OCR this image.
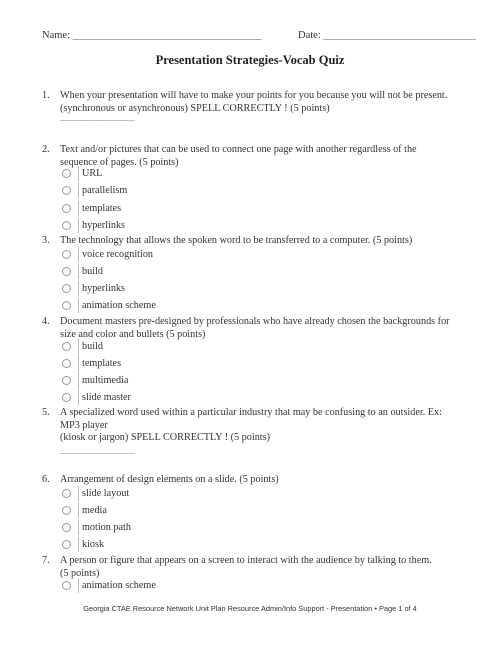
Name: ____________________________________	Date: _____________________________
Presentation Strategies-Vocab Quiz
1. When your presentation will have to make your points for you because you will not be present.
(synchronous or asynchronous) SPELL CORRECTLY ! (5 points)
_______________
2. Text and/or pictures that can be used to connect one page with another regardless of the sequence of pages. (5 points)
URL
parallelism
templates
hyperlinks
3. The technology that allows the spoken word to be transferred to a computer. (5 points)
voice recognition
build
hyperlinks
animation scheme
4. Document masters pre-designed by professionals who have already chosen the backgrounds for size and color and bullets (5 points)
build
templates
multimedia
slide master
5. A specialized word used within a particular industry that may be confusing to an outsider. Ex: MP3 player
(kiosk or jargon) SPELL CORRECTLY ! (5 points)
_______________
6. Arrangement of design elements on a slide. (5 points)
slide layout
media
motion path
kiosk
7. A person or figure that appears on a screen to interact with the audience by talking to them.
(5 points)
animation scheme
Georgia CTAE Resource Network Unit Plan Resource Admin/Info Support - Presentation • Page 1 of 4
